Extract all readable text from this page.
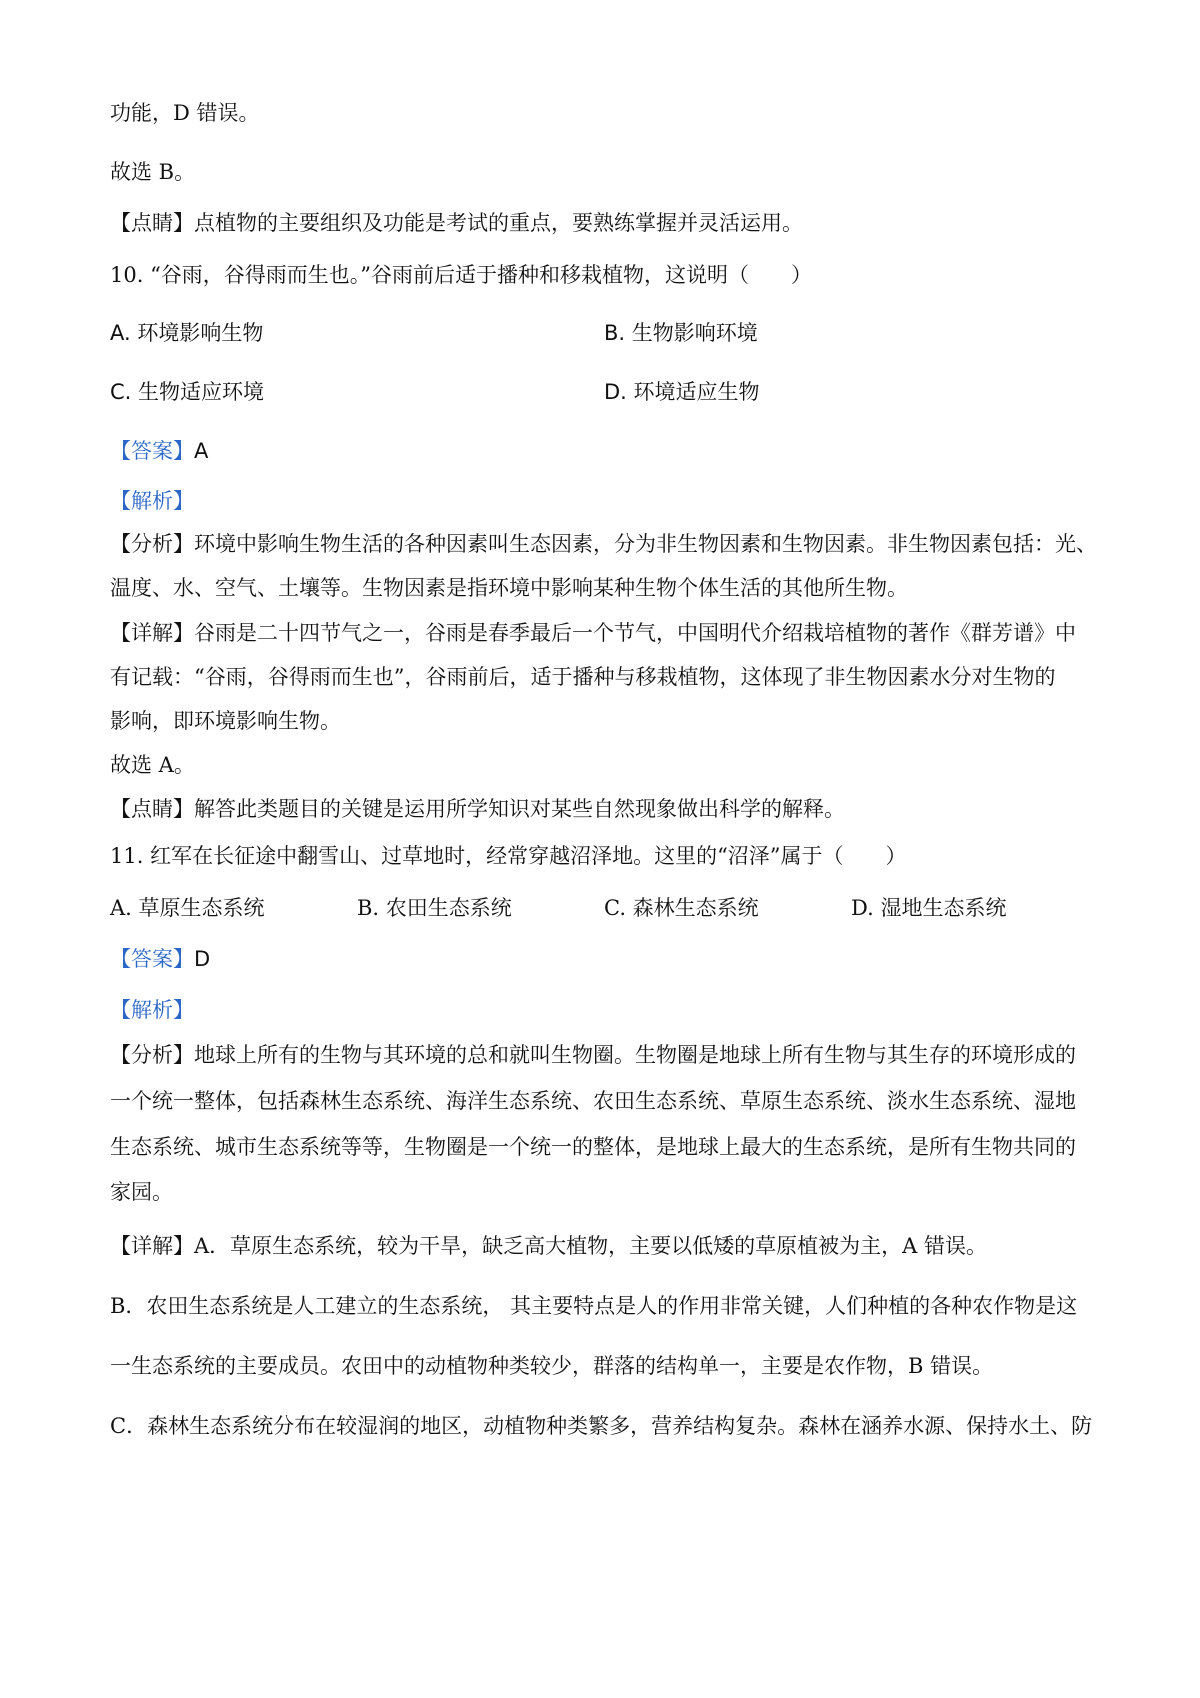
功能，D 错误。
故选 B。
【点睛】点植物的主要组织及功能是考试的重点，要熟练掌握并灵活运用。
10. “谷雨，谷得雨而生也。”谷雨前后适于播种和移栽植物，这说明（　　）
A. 环境影响生物	B. 生物影响环境
C. 生物适应环境	D. 环境适应生物
【答案】A
【解析】
【分析】环境中影响生物生活的各种因素叫生态因素，分为非生物因素和生物因素。非生物因素包括：光、
温度、水、空气、土壤等。生物因素是指环境中影响某种生物个体生活的其他所生物。
【详解】谷雨是二十四节气之一，谷雨是春季最后一个节气，中国明代介绍栽培植物的著作《群芳谱》中
有记载：“谷雨，谷得雨而生也”，谷雨前后，适于播种与移栽植物，这体现了非生物因素水分对生物的
影响，即环境影响生物。
故选 A。
【点睛】解答此类题目的关键是运用所学知识对某些自然现象做出科学的解释。
11. 红军在长征途中翻雪山、过草地时，经常穿越沼泽地。这里的“沼泽”属于（　　）
A. 草原生态系统	B. 农田生态系统	C. 森林生态系统	D. 湿地生态系统
【答案】D
【解析】
【分析】地球上所有的生物与其环境的总和就叫生物圈。生物圈是地球上所有生物与其生存的环境形成的
一个统一整体，包括森林生态系统、海洋生态系统、农田生态系统、草原生态系统、淡水生态系统、湿地
生态系统、城市生态系统等等，生物圈是一个统一的整体，是地球上最大的生态系统，是所有生物共同的
家园。
【详解】A．草原生态系统，较为干旱，缺乏高大植物，主要以低矮的草原植被为主，A 错误。
B．农田生态系统是人工建立的生态系统， 其主要特点是人的作用非常关键，人们种植的各种农作物是这
一生态系统的主要成员。农田中的动植物种类较少，群落的结构单一，主要是农作物，B 错误。
C．森林生态系统分布在较湿润的地区，动植物种类繁多，营养结构复杂。森林在涵养水源、保持水土、防
